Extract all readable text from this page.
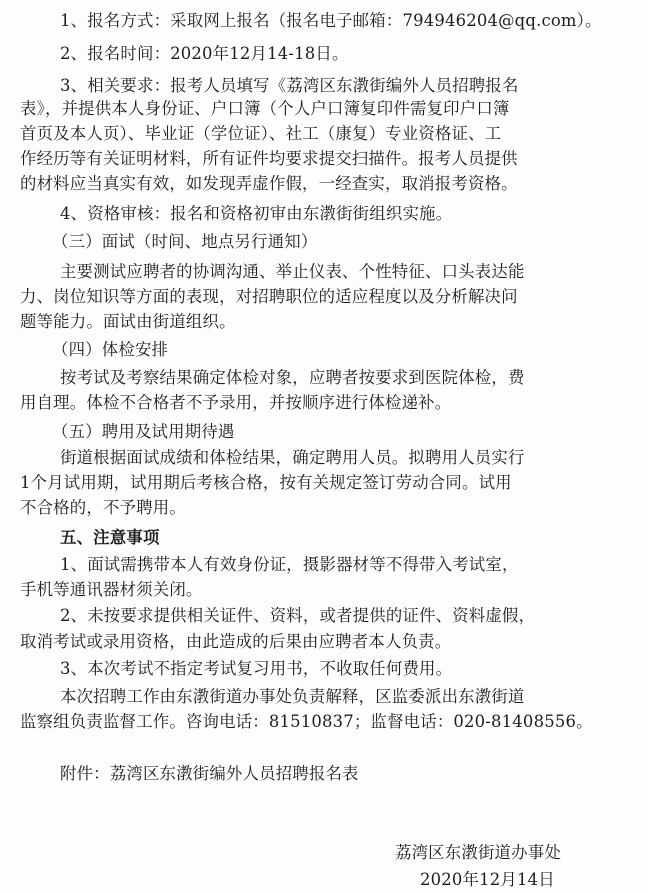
1、报名方式：采取网上报名（报名电子邮箱：794946204@qq.com）。
2、报名时间：2020年12月14-18日。
3、相关要求：报考人员填写《荔湾区东漖街编外人员招聘报名
表》，并提供本人身份证、户口簿（个人户口簿复印件需复印户口簿
首页及本人页）、毕业证（学位证）、社工（康复）专业资格证、工
作经历等有关证明材料，所有证件均要求提交扫描件。报考人员提供
的材料应当真实有效，如发现弄虚作假，一经查实，取消报考资格。
4、资格审核：报名和资格初审由东漖街街组织实施。
（三）面试（时间、地点另行通知）
主要测试应聘者的协调沟通、举止仪表、个性特征、口头表达能
力、岗位知识等方面的表现，对招聘职位的适应程度以及分析解决问
题等能力。面试由街道组织。
（四）体检安排
按考试及考察结果确定体检对象，应聘者按要求到医院体检，费
用自理。体检不合格者不予录用，并按顺序进行体检递补。
（五）聘用及试用期待遇
街道根据面试成绩和体检结果，确定聘用人员。拟聘用人员实行
1个月试用期，试用期后考核合格，按有关规定签订劳动合同。试用
不合格的，不予聘用。
五、注意事项
1、面试需携带本人有效身份证，摄影器材等不得带入考试室，
手机等通讯器材须关闭。
2、未按要求提供相关证件、资料，或者提供的证件、资料虚假，
取消考试或录用资格，由此造成的后果由应聘者本人负责。
3、本次考试不指定考试复习用书，不收取任何费用。
本次招聘工作由东漖街道办事处负责解释，区监委派出东漖街道
监察组负责监督工作。咨询电话：81510837；监督电话：020-81408556。
附件：荔湾区东漖街编外人员招聘报名表
荔湾区东漖街道办事处
2020年12月14日
